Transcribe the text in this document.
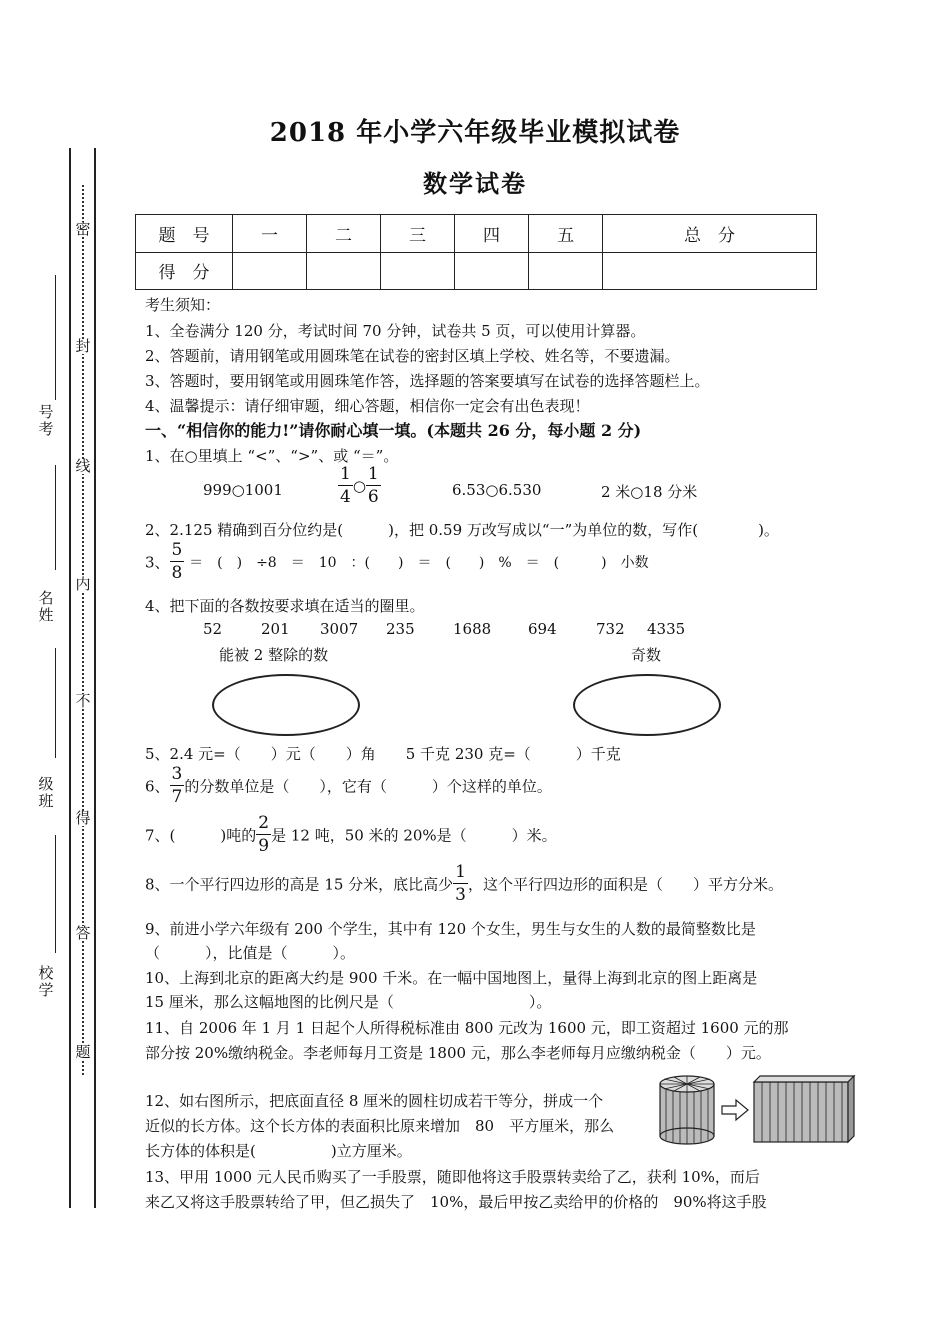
密
封
线
内
不
得
答
题
号
考
名
姓
级
班
校
学
2018 年小学六年级毕业模拟试卷
数学试卷
题　号	一	二	三	四	五	总　分
得　分						
考生须知：
1、全卷满分 120 分，考试时间 70 分钟，试卷共 5 页，可以使用计算器。
2、答题前，请用钢笔或用圆珠笔在试卷的密封区填上学校、姓名等，不要遗漏。
3、答题时，要用钢笔或用圆珠笔作答，选择题的答案要填写在试卷的选择答题栏上。
4、温馨提示：请仔细审题，细心答题，相信你一定会有出色表现！
一、“相信你的能力!”请你耐心填一填。(本题共 26 分，每小题 2 分)
1、在○里填上 “<”、“>”、或 “＝”。
999○1001	$\frac{1}{4}$ ○ $\frac{1}{6}$	6.53○6.530	2 米○18 分米
2、2.125 精确到百分位约是(　　　)，把 0.59 万改写成以“一”为单位的数，写作(　　　　)。
3、 $\frac{5}{8}$ ＝　(　)　÷8　＝　10　：(　　)　＝　(　　)　%　＝　(　　　)　小数
4、把下面的各数按要求填在适当的圈里。
52	201 3007 235	1688 694	732 4335
能被 2 整除的数	奇数
5、2.4 元=（　　）元（　　）角　　5 千克 230 克=（　　　）千克
6、 $\frac{3}{7}$ 的分数单位是（　　），它有（　　　）个这样的单位。
7、(　　　)吨的 $\frac{2}{9}$ 是 12 吨，50 米的 20%是（　　　）米。
8、一个平行四边形的高是 15 分米，底比高少 $\frac{1}{3}$ ，这个平行四边形的面积是（　　）平方分米。
9、前进小学六年级有 200 个学生，其中有 120 个女生，男生与女生的人数的最简整数比是
（　　　），比值是（　　　）。
10、上海到北京的距离大约是 900 千米。在一幅中国地图上，量得上海到北京的图上距离是
15 厘米，那么这幅地图的比例尺是（　　　　　　　　　）。
11、自 2006 年 1 月 1 日起个人所得税标准由 800 元改为 1600 元，即工资超过 1600 元的那
部分按 20%缴纳税金。李老师每月工资是 1800 元，那么李老师每月应缴纳税金（　　）元。
12、如右图所示，把底面直径 8 厘米的圆柱切成若干等分，拼成一个
近似的长方体。这个长方体的表面积比原来增加　80　平方厘米，那么
长方体的体积是(　　　　　)立方厘米。
13、甲用 1000 元人民币购买了一手股票，随即他将这手股票转卖给了乙，获利 10%，而后
来乙又将这手股票转给了甲，但乙损失了　10%，最后甲按乙卖给甲的价格的　90%将这手股
